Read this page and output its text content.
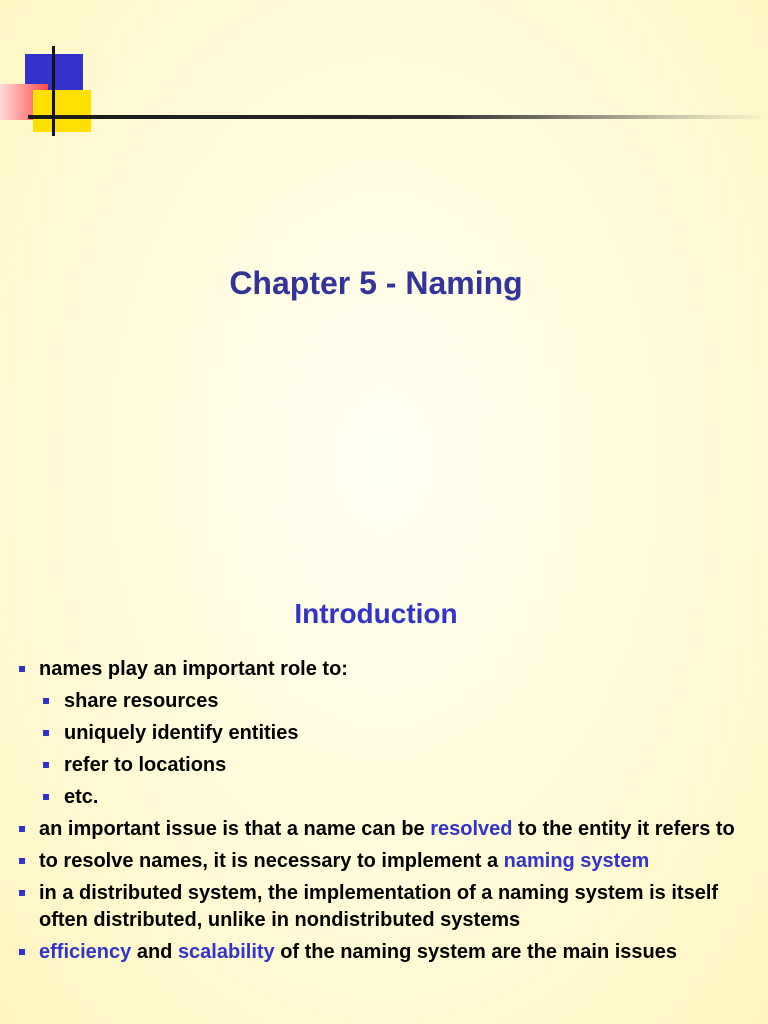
Chapter 5 - Naming
Introduction
names play an important role to:
share resources
uniquely identify entities
refer to locations
etc.
an important issue is that a name can be resolved to the entity it refers to
to resolve names, it is necessary to implement a naming system
in a distributed system, the implementation of a naming system is itself often distributed, unlike in nondistributed systems
efficiency and scalability of the naming system are the main issues
